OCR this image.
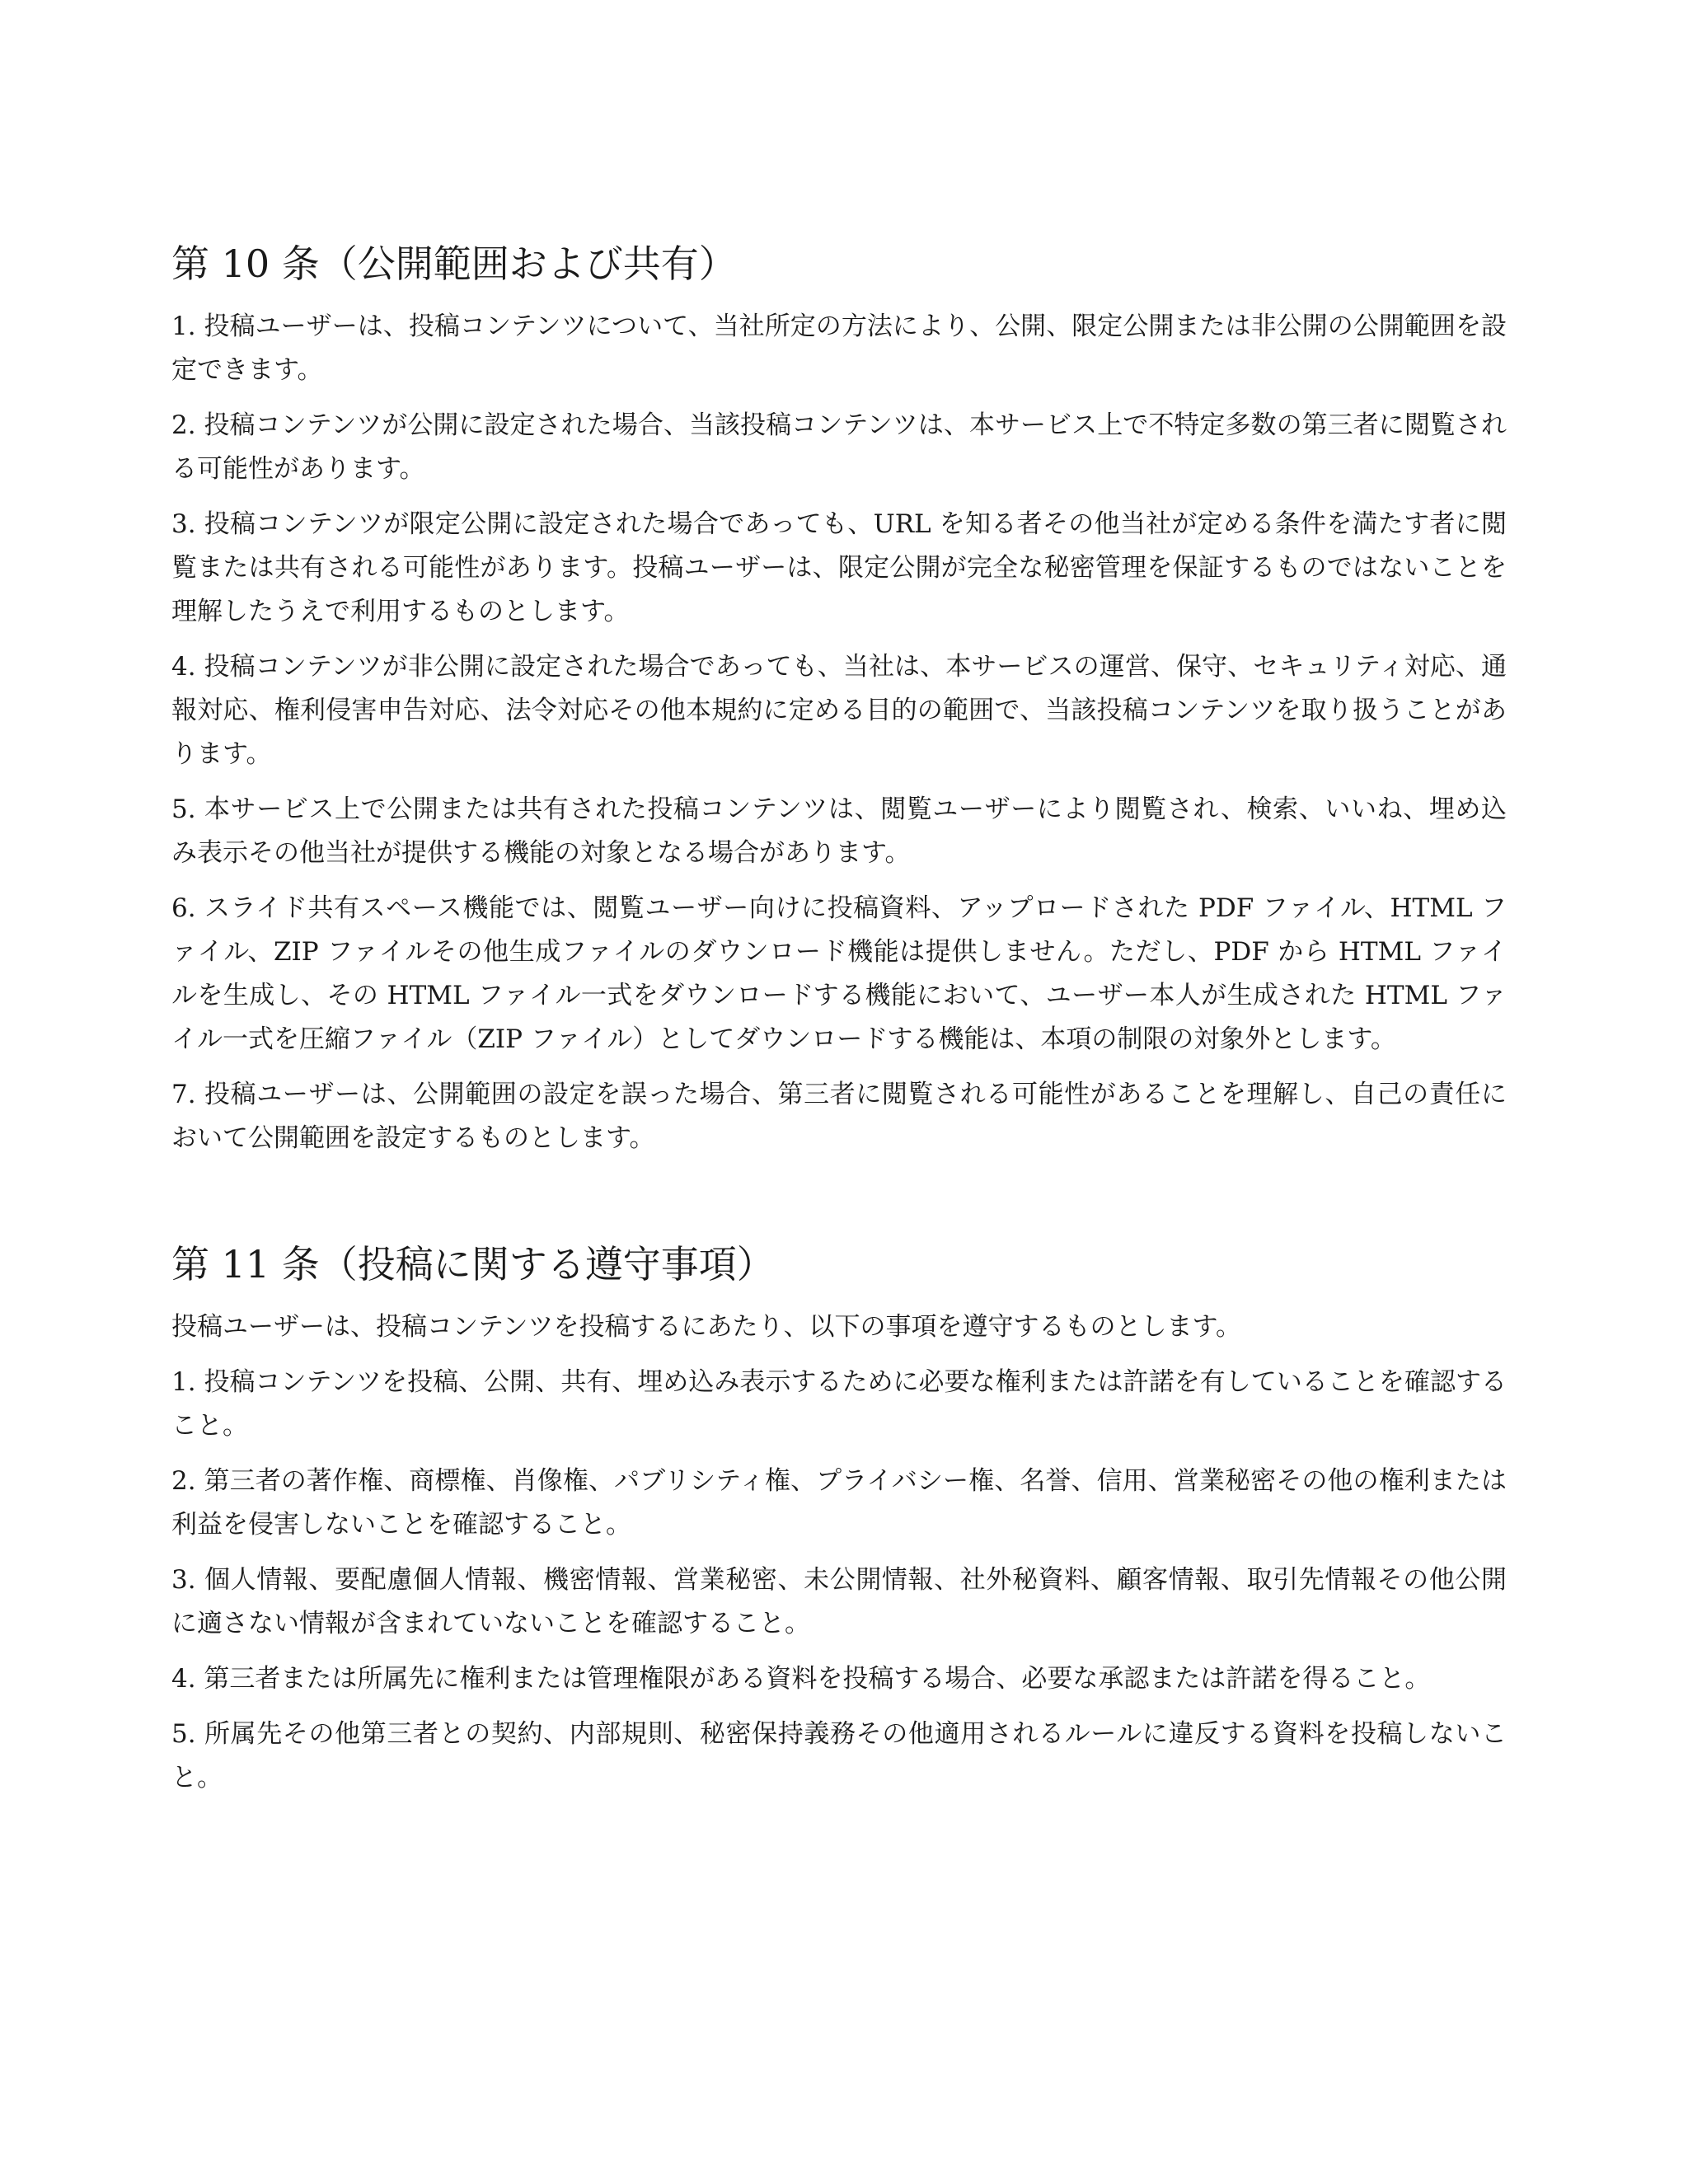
第 10 条（公開範囲および共有）

1. 投稿ユーザーは、投稿コンテンツについて、当社所定の方法により、公開、限定公開または非公開の公開範囲を設定できます。

2. 投稿コンテンツが公開に設定された場合、当該投稿コンテンツは、本サービス上で不特定多数の第三者に閲覧される可能性があります。

3. 投稿コンテンツが限定公開に設定された場合であっても、URL を知る者その他当社が定める条件を満たす者に閲覧または共有される可能性があります。投稿ユーザーは、限定公開が完全な秘密管理を保証するものではないことを理解したうえで利用するものとします。

4. 投稿コンテンツが非公開に設定された場合であっても、当社は、本サービスの運営、保守、セキュリティ対応、通報対応、権利侵害申告対応、法令対応その他本規約に定める目的の範囲で、当該投稿コンテンツを取り扱うことがあります。

5. 本サービス上で公開または共有された投稿コンテンツは、閲覧ユーザーにより閲覧され、検索、いいね、埋め込み表示その他当社が提供する機能の対象となる場合があります。

6. スライド共有スペース機能では、閲覧ユーザー向けに投稿資料、アップロードされた PDF ファイル、HTML ファイル、ZIP ファイルその他生成ファイルのダウンロード機能は提供しません。ただし、PDF から HTML ファイルを生成し、その HTML ファイル一式をダウンロードする機能において、ユーザー本人が生成された HTML ファイル一式を圧縮ファイル（ZIP ファイル）としてダウンロードする機能は、本項の制限の対象外とします。

7. 投稿ユーザーは、公開範囲の設定を誤った場合、第三者に閲覧される可能性があることを理解し、自己の責任において公開範囲を設定するものとします。

第 11 条（投稿に関する遵守事項）

投稿ユーザーは、投稿コンテンツを投稿するにあたり、以下の事項を遵守するものとします。

1. 投稿コンテンツを投稿、公開、共有、埋め込み表示するために必要な権利または許諾を有していることを確認すること。

2. 第三者の著作権、商標権、肖像権、パブリシティ権、プライバシー権、名誉、信用、営業秘密その他の権利または利益を侵害しないことを確認すること。

3. 個人情報、要配慮個人情報、機密情報、営業秘密、未公開情報、社外秘資料、顧客情報、取引先情報その他公開に適さない情報が含まれていないことを確認すること。

4. 第三者または所属先に権利または管理権限がある資料を投稿する場合、必要な承認または許諾を得ること。

5. 所属先その他第三者との契約、内部規則、秘密保持義務その他適用されるルールに違反する資料を投稿しないこと。
